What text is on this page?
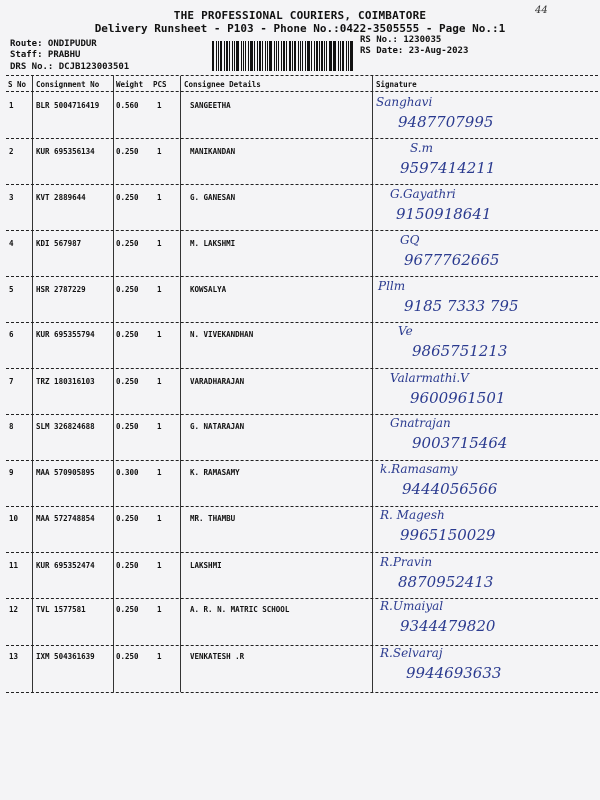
THE PROFESSIONAL COURIERS, COIMBATORE
Delivery Runsheet - P103 - Phone No.:0422-3505555 - Page No.:1
44
Route: ONDIPUDUR
Staff: PRABHU
DRS No.: DCJB123003501
RS No.: 1230035
RS Date: 23-Aug-2023
S No Consignment No Weight PCS Consignee Details	Signature
1	BLR 5004716419 0.560 1	SANGEETHA	Sanghavi
9487707995
2	KUR 695356134	0.250 1	MANIKANDAN	S.m
9597414211
3	KVT 2889644	0.250 1	G. GANESAN	G.Gayathri
9150918641
4	KDI 567987	0.250 1	M. LAKSHMI	GQ
9677762665
5	HSR 2787229	0.250 1	KOWSALYA	Pllm
9185 7333 795
6	KUR 695355794	0.250 1	N. VIVEKANDHAN	Ve
9865751213
7	TRZ 180316103	0.250 1	VARADHARAJAN	Valarmathi.V
9600961501
8	SLM 326824688	0.250 1	G. NATARAJAN	Gnatrajan
9003715464
9	MAA 570905895	0.300 1	K. RAMASAMY	k.Ramasamy
9444056566
10 MAA 572748854	0.250 1	MR. THAMBU	R. Magesh
9965150029
11 KUR 695352474	0.250 1	LAKSHMI	R.Pravin
8870952413
12 TVL 1577581	0.250 1	A. R. N. MATRIC SCHOOL	R.Umaiyal
9344479820
13 IXM 504361639	0.250 1	VENKATESH .R	R.Selvaraj
9944693633
